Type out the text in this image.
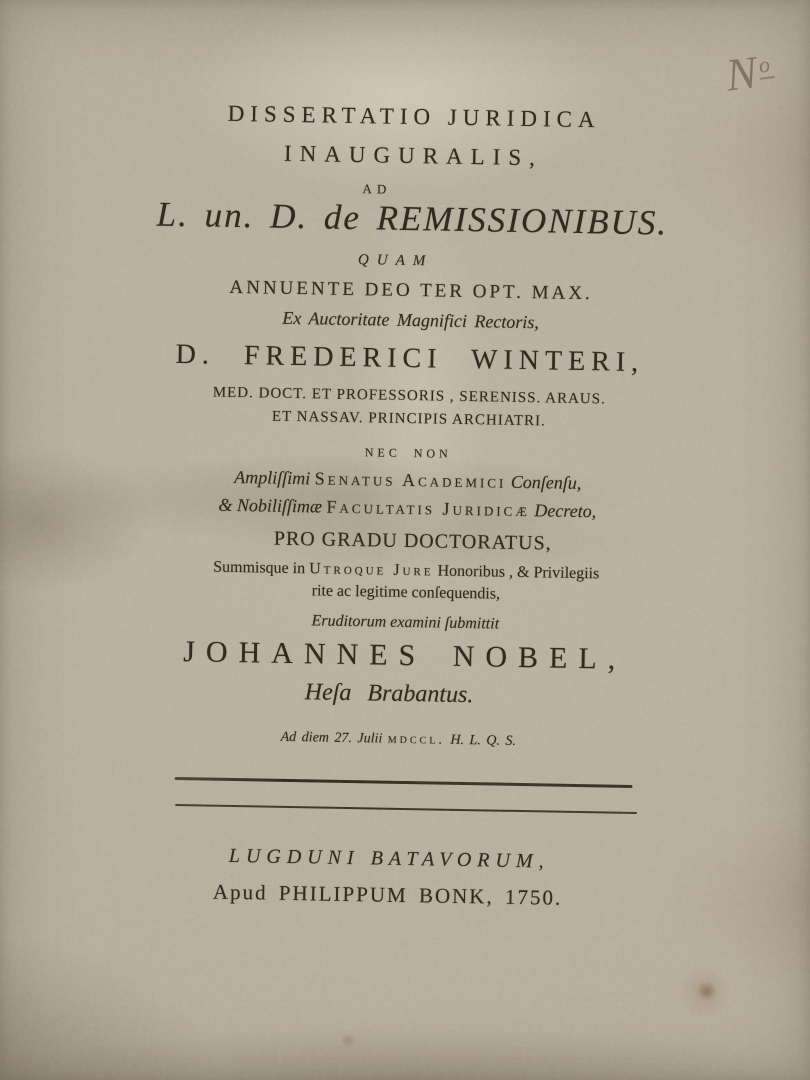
$N^o$
DISSERTATIO JURIDICA
INAUGURALIS,
AD
L. un. D. de REMISSIONIBUS.
QUAM
ANNUENTE DEO TER OPT. MAX.
Ex Auctoritate Magnifici Rectoris,
D. FREDERICI WINTERI,
MED. DOCT. ET PROFESSORIS , SERENISS. ARAUS.
ET NASSAV. PRINCIPIS ARCHIATRI.
NEC NON
Ampliſſimi Senatus Academici Conſenſu,
& Nobiliſſimæ Facultatis Juridicæ Decreto,
PRO GRADU DOCTORATUS,
Summisque in Utroque Jure Honoribus , & Privilegiis
rite ac legitime conſequendis,
Eruditorum examini ſubmittit
JOHANNES NOBEL,
Heſa Brabantus.
Ad diem 27. Julii mdccl. H. L. Q. S.
LUGDUNI BATAVORUM,
Apud PHILIPPUM BONK, 1750.
